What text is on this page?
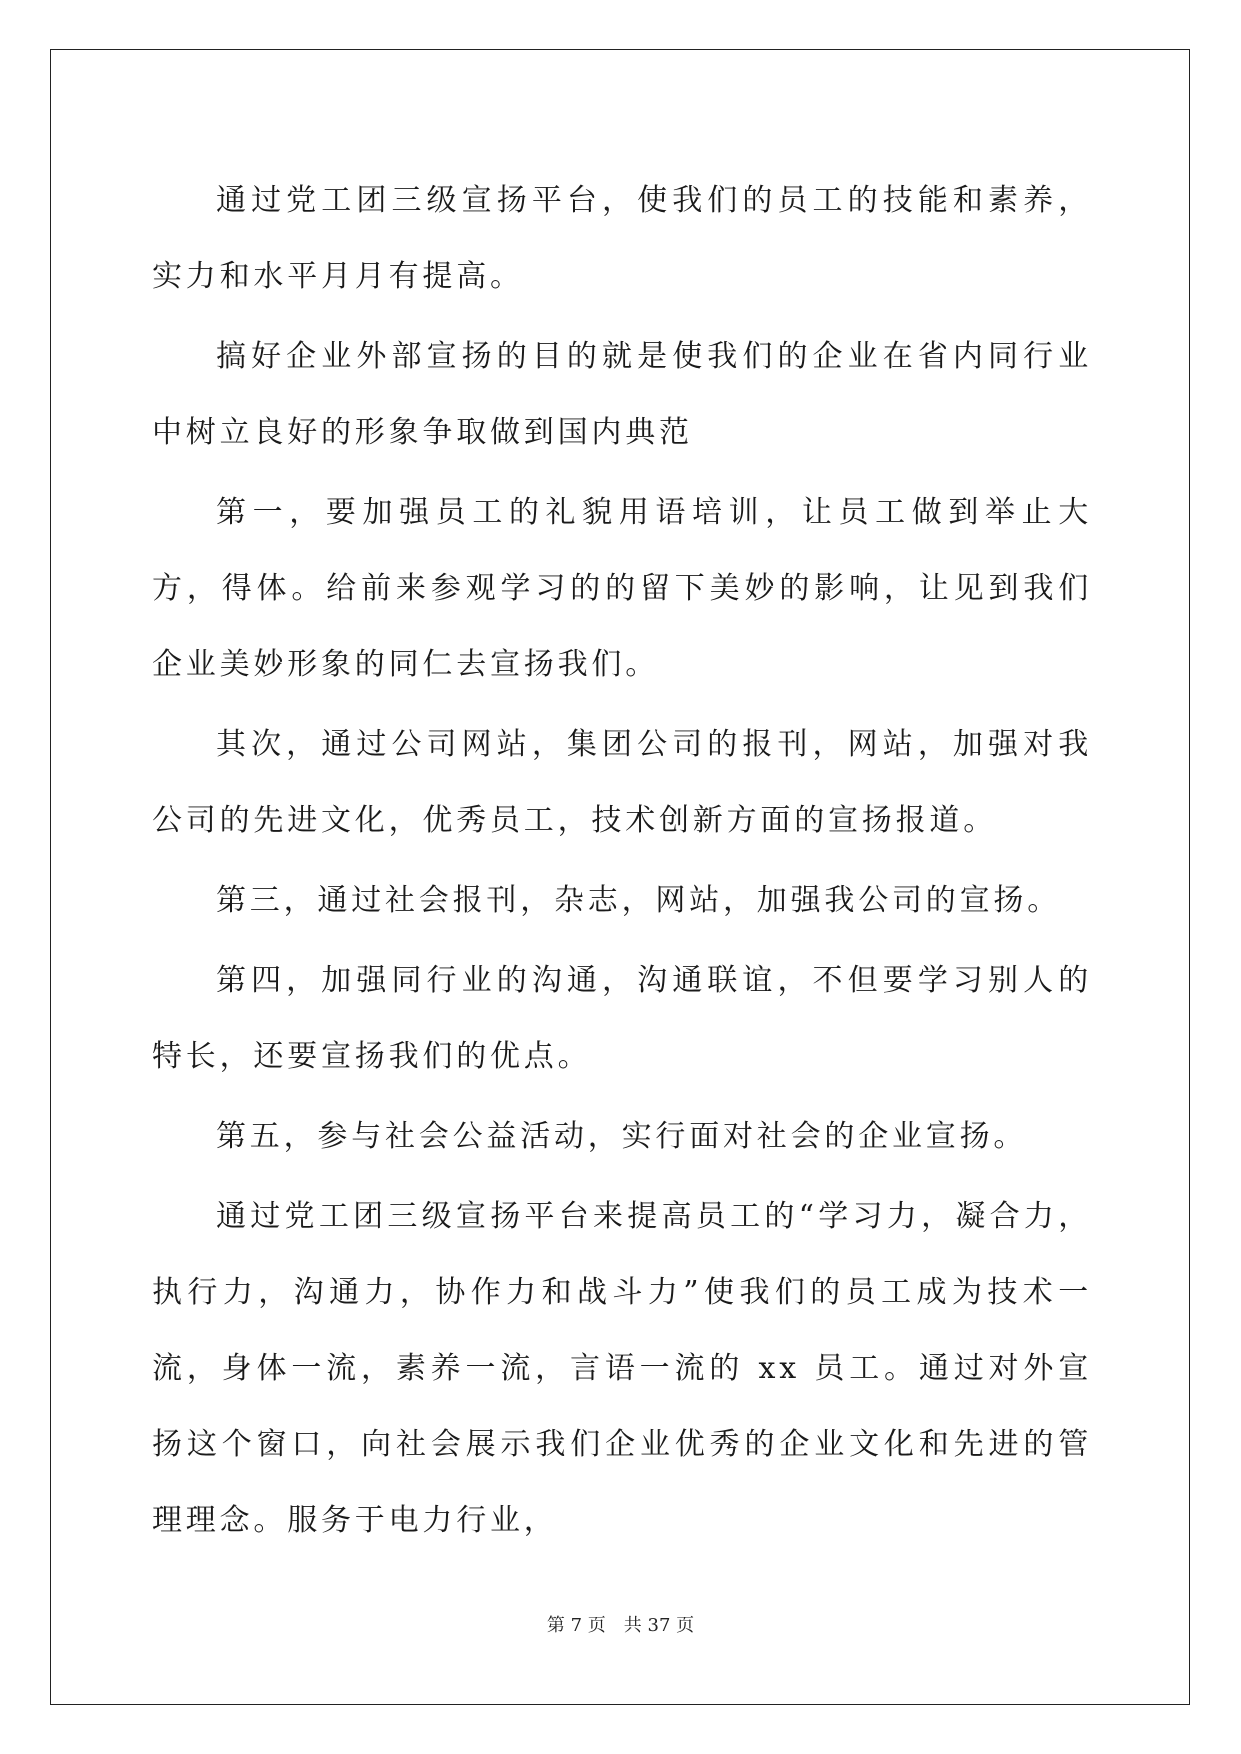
通过党工团三级宣扬平台，使我们的员工的技能和素养，实力和水平月月有提高。

搞好企业外部宣扬的目的就是使我们的企业在省内同行业中树立良好的形象争取做到国内典范

第一，要加强员工的礼貌用语培训，让员工做到举止大方，得体。给前来参观学习的的留下美妙的影响，让见到我们企业美妙形象的同仁去宣扬我们。

其次，通过公司网站，集团公司的报刊，网站，加强对我公司的先进文化，优秀员工，技术创新方面的宣扬报道。

第三，通过社会报刊，杂志，网站，加强我公司的宣扬。

第四，加强同行业的沟通，沟通联谊，不但要学习别人的特长，还要宣扬我们的优点。

第五，参与社会公益活动，实行面对社会的企业宣扬。

通过党工团三级宣扬平台来提高员工的“学习力，凝合力，执行力，沟通力，协作力和战斗力”使我们的员工成为技术一流，身体一流，素养一流，言语一流的 xx 员工。通过对外宣扬这个窗口，向社会展示我们企业优秀的企业文化和先进的管理理念。服务于电力行业，

第 7 页 共 37 页
